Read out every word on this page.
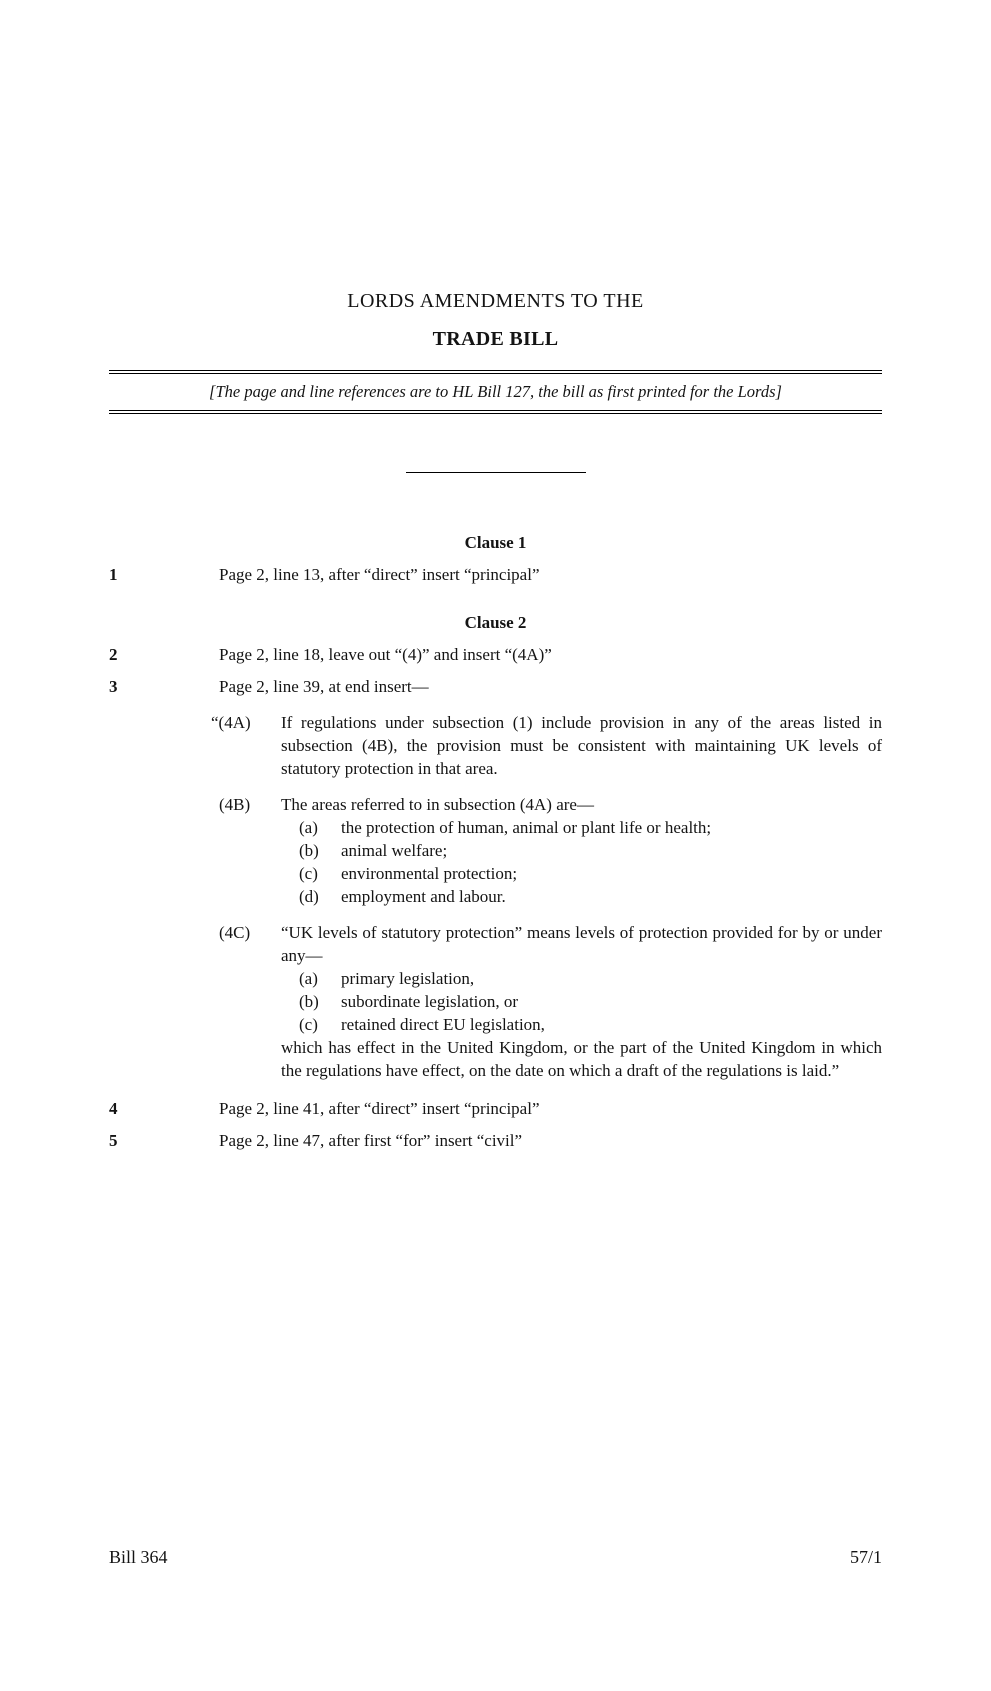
LORDS AMENDMENTS TO THE
TRADE BILL
[The page and line references are to HL Bill 127, the bill as first printed for the Lords]
Clause 1
1	Page 2, line 13, after “direct” insert “principal”
Clause 2
2	Page 2, line 18, leave out “(4)” and insert “(4A)”
3	Page 2, line 39, at end insert—
“(4A)	If regulations under subsection (1) include provision in any of the areas listed in subsection (4B), the provision must be consistent with maintaining UK levels of statutory protection in that area.
(4B)	The areas referred to in subsection (4A) are—
(a)	the protection of human, animal or plant life or health;
(b)	animal welfare;
(c)	environmental protection;
(d)	employment and labour.
(4C)	“UK levels of statutory protection” means levels of protection provided for by or under any—
(a)	primary legislation,
(b)	subordinate legislation, or
(c)	retained direct EU legislation,
which has effect in the United Kingdom, or the part of the United Kingdom in which the regulations have effect, on the date on which a draft of the regulations is laid.”
4	Page 2, line 41, after “direct” insert “principal”
5	Page 2, line 47, after first “for” insert “civil”
Bill 364	57/1
